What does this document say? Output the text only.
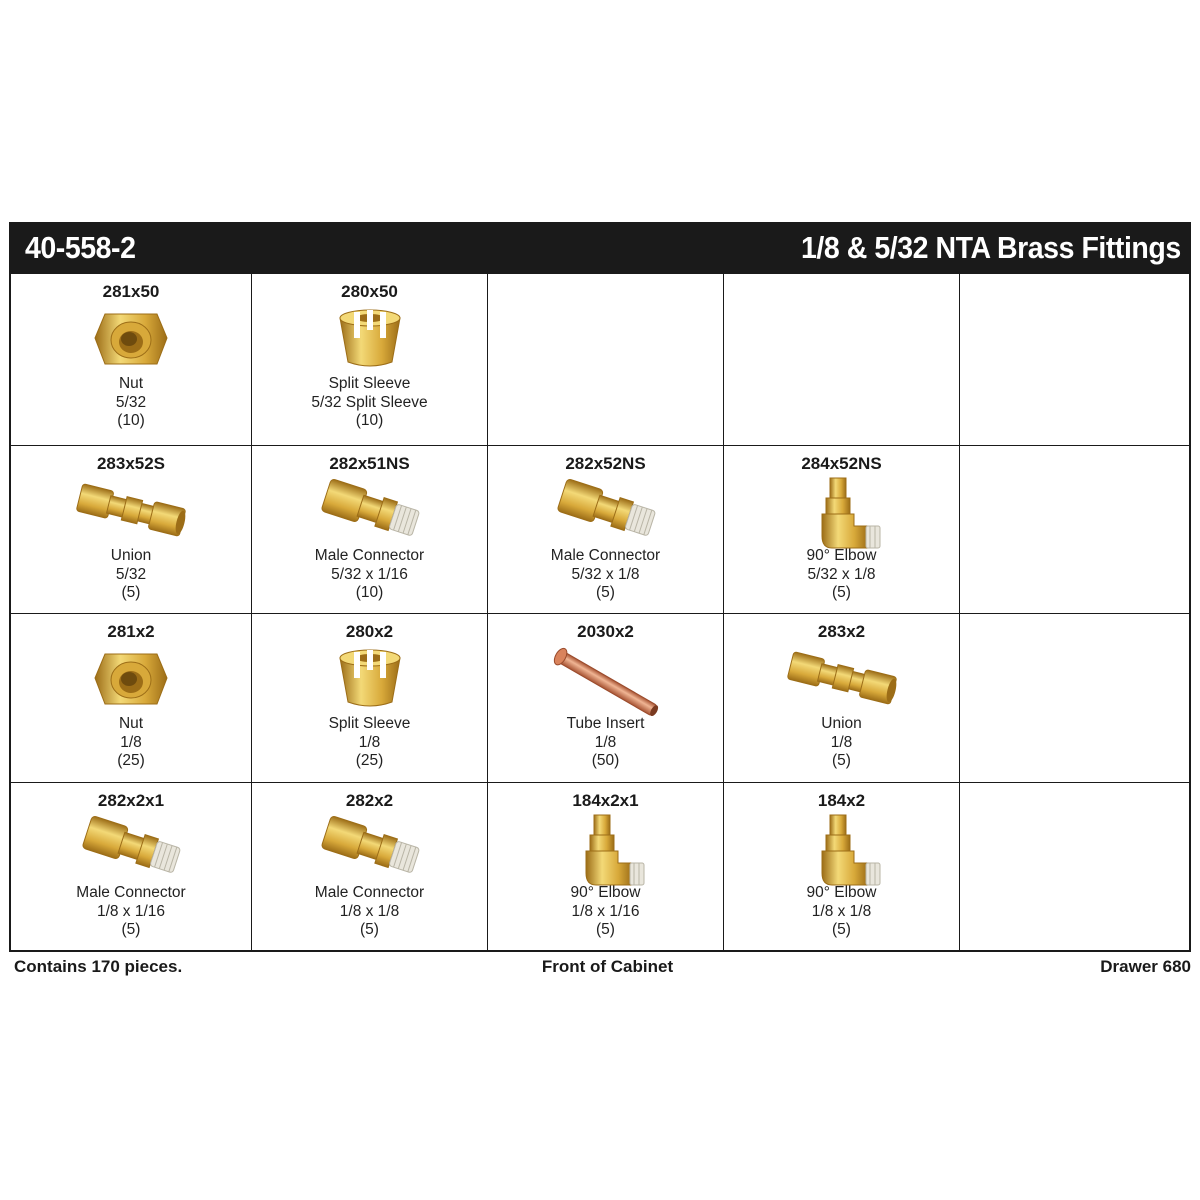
40-558-2	1/8 & 5/32 NTA Brass Fittings
281x50
Nut
5/32
(10)
280x50
Split Sleeve
5/32 Split Sleeve
(10)
283x52S
Union
5/32
(5)
282x51NS
Male Connector
5/32 x 1/16
(10)
282x52NS
Male Connector
5/32 x 1/8
(5)
284x52NS
90° Elbow
5/32 x 1/8
(5)
281x2
Nut
1/8
(25)
280x2
Split Sleeve
1/8
(25)
2030x2
Tube Insert
1/8
(50)
283x2
Union
1/8
(5)
282x2x1
Male Connector
1/8 x 1/16
(5)
282x2
Male Connector
1/8 x 1/8
(5)
184x2x1
90° Elbow
1/8 x 1/16
(5)
184x2
90° Elbow
1/8 x 1/8
(5)
Contains 170 pieces.	Front of Cabinet	Drawer 680
